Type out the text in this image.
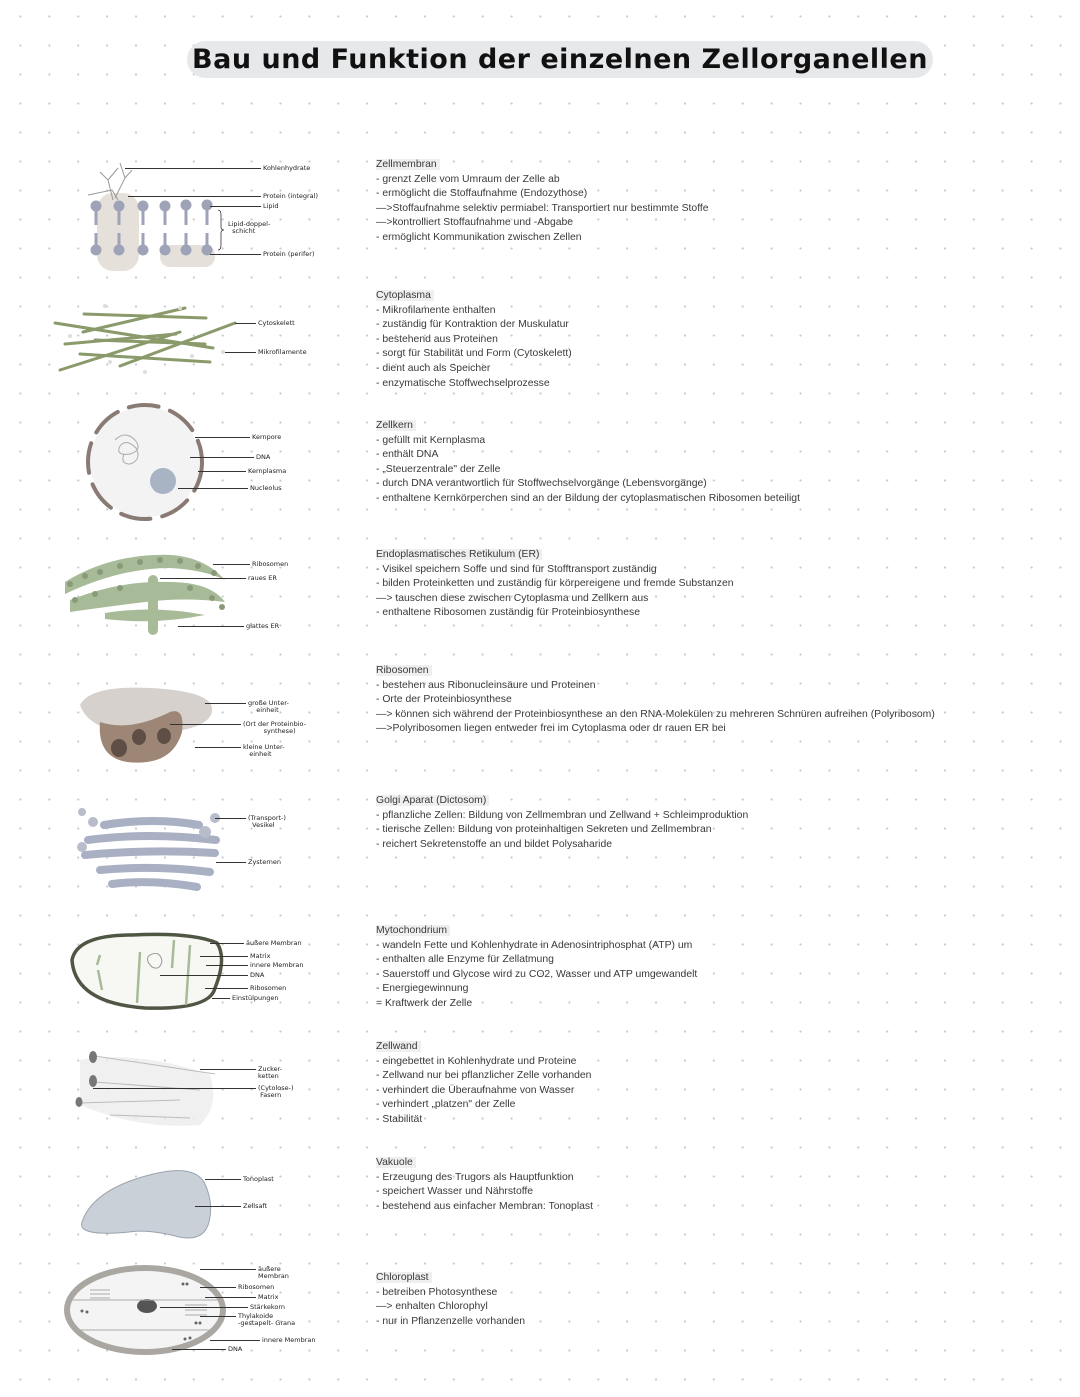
Bau und Funktion der einzelnen Zellorganellen
Zellmembran
- grenzt Zelle vom Umraum der Zelle ab
- ermöglicht die Stoffaufnahme (Endozythose)
—>Stoffaufnahme selektiv permiabel: Transportiert nur bestimmte Stoffe
—>kontrolliert Stoffaufnahme und -Abgabe
- ermöglicht Kommunikation zwischen Zellen
Kohlenhydrate
Protein (integral)
Lipid
Lipid-doppel-
schicht
Protein (perifer)
Cytoplasma
- Mikrofilamente enthalten
- zuständig für Kontraktion der Muskulatur
- bestehend aus Proteinen
- sorgt für Stabilität und Form (Cytoskelett)
- dient auch als Speicher
- enzymatische Stoffwechselprozesse
Cytoskelett
Mikrofilamente
Zellkern
- gefüllt mit Kernplasma
- enthält DNA
- „Steuerzentrale" der Zelle
- durch DNA verantwortlich für Stoffwechselvorgänge (Lebensvorgänge)
- enthaltene Kernkörperchen sind an der Bildung der cytoplasmatischen Ribosomen beteiligt
Kernpore
DNA
Kernplasma
Nucleolus
Endoplasmatisches Retikulum (ER)
- Visikel speichern Soffe und sind für Stofftransport zuständig
- bilden Proteinketten und zuständig für körpereigene und fremde Substanzen
—> tauschen diese zwischen Cytoplasma und Zellkern aus
- enthaltene Ribosomen zuständig für Proteinbiosynthese
Ribosomen
raues ER
glattes ER
Ribosomen
- bestehen aus Ribonucleinsäure und Proteinen
- Orte der Proteinbiosynthese
—> können sich während der Proteinbiosynthese an den RNA-Molekülen zu mehreren Schnüren aufreihen (Polyribosom)
—>Polyribosomen liegen entweder frei im Cytoplasma oder dr rauen ER bei
große Unter-
einheit
(Ort der Proteinbio-
synthese)
kleine Unter-
einheit
Golgi Aparat (Dictosom)
- pflanzliche Zellen: Bildung von Zellmembran und Zellwand + Schleimproduktion
- tierische Zellen: Bildung von proteinhaltigen Sekreten und Zellmembran
- reichert Sekretenstoffe an und bildet Polysaharide
(Transport-)
Vesikel
Zysternen
Mytochondrium
- wandeln Fette und Kohlenhydrate in Adenosintriphosphat (ATP) um
- enthalten alle Enzyme für Zellatmung
- Sauerstoff und Glycose wird zu CO2, Wasser und ATP umgewandelt
- Energiegewinnung
= Kraftwerk der Zelle
äußere Membran
Matrix
innere Membran
DNA
Ribosomen
Einstülpungen
Zellwand
- eingebettet in Kohlenhydrate und Proteine
- Zellwand nur bei pflanzlicher Zelle vorhanden
- verhindert die Überaufnahme von Wasser
- verhindert „platzen" der Zelle
- Stabilität
Zucker-
ketten
(Cytolose-)
Fasern
Vakuole
- Erzeugung des Trugors als Hauptfunktion
- speichert Wasser und Nährstoffe
- bestehend aus einfacher Membran: Tonoplast
Tonoplast
Zellsaft
Chloroplast
- betreiben Photosynthese
—> enhalten Chlorophyl
- nur in Pflanzenzelle vorhanden
äußere
Membran
Ribosomen
Matrix
Stärkekorn
Thylakoide
-gestapelt- Grana
innere Membran
DNA
